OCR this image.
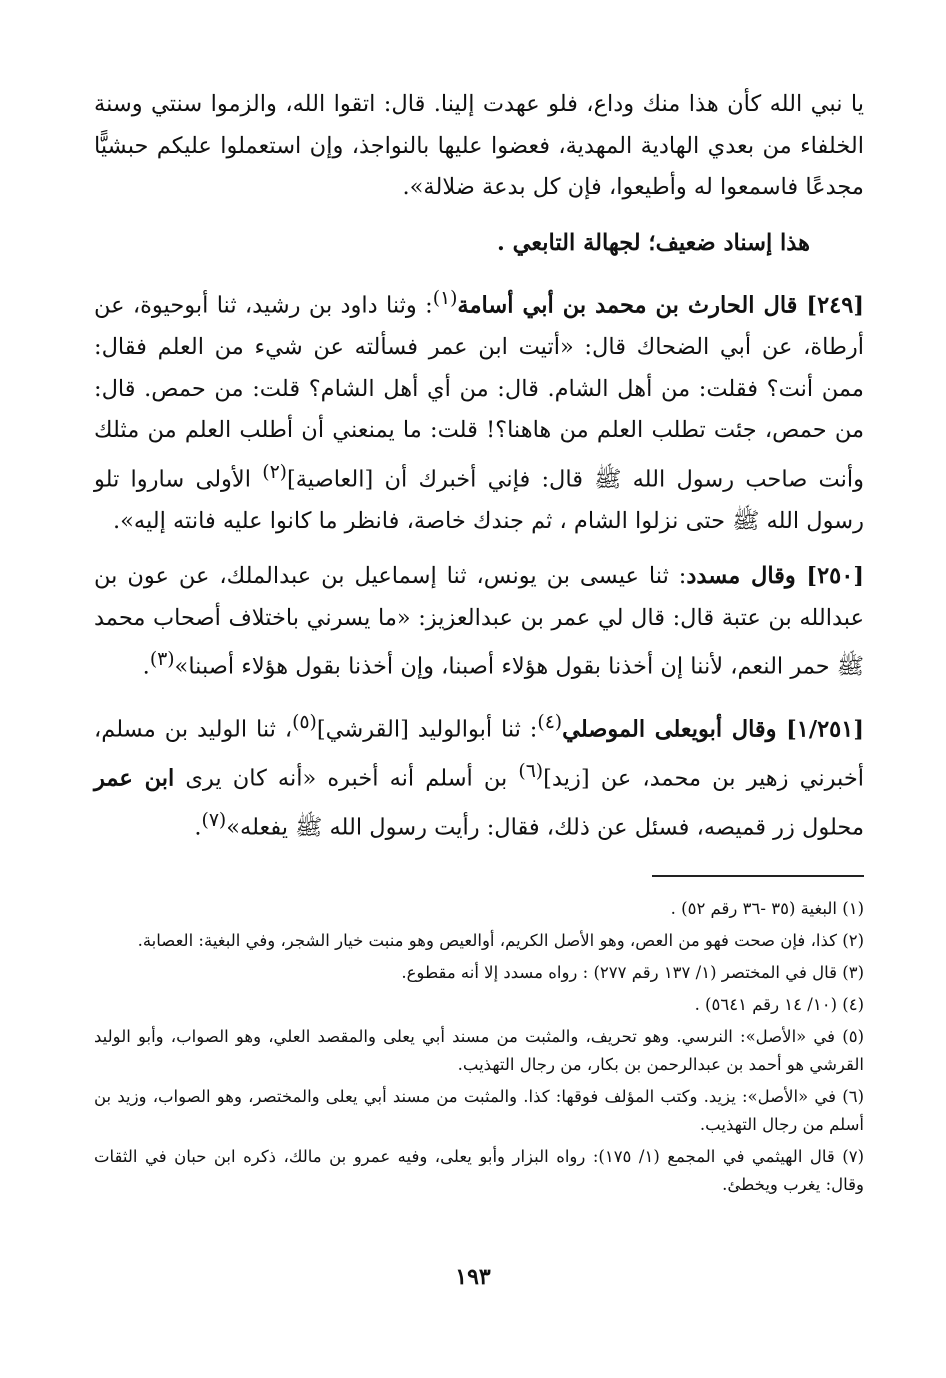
يا نبي الله كأن هذا منك وداع، فلو عهدت إلينا. قال: اتقوا الله، والزموا سنتي وسنة الخلفاء من بعدي الهادية المهدية، فعضوا عليها بالنواجذ، وإن استعملوا عليكم حبشيًّا مجدعًا فاسمعوا له وأطيعوا، فإن كل بدعة ضلالة».

هذا إسناد ضعيف؛ لجهالة التابعي .

[٢٤٩] قال الحارث بن محمد بن أبي أسامة$^{(١)}$: وثنا داود بن رشيد، ثنا أبوحيوة، عن أرطاة، عن أبي الضحاك قال: «أتيت ابن عمر فسألته عن شيء من العلم فقال: ممن أنت؟ فقلت: من أهل الشام. قال: من أي أهل الشام؟ قلت: من حمص. قال: من حمص، جئت تطلب العلم من هاهنا؟! قلت: ما يمنعني أن أطلب العلم من مثلك وأنت صاحب رسول الله ﷺ قال: فإني أخبرك أن [العاصية]$^{(٢)}$ الأولى ساروا تلو رسول الله ﷺ حتى نزلوا الشام ، ثم جندك خاصة، فانظر ما كانوا عليه فانته إليه».

[٢٥٠] وقال مسدد: ثنا عيسى بن يونس، ثنا إسماعيل بن عبدالملك، عن عون بن عبدالله بن عتبة قال: قال لي عمر بن عبدالعزيز: «ما يسرني باختلاف أصحاب محمد ﷺ حمر النعم، لأننا إن أخذنا بقول هؤلاء أصبنا، وإن أخذنا بقول هؤلاء أصبنا»$^{(٣)}$.

[١/٢٥١] وقال أبويعلى الموصلي$^{(٤)}$: ثنا أبوالوليد [القرشي]$^{(٥)}$، ثنا الوليد بن مسلم، أخبرني زهير بن محمد، عن [زيد]$^{(٦)}$ بن أسلم أنه أخبره «أنه كان يرى ابن عمر محلول زر قميصه، فسئل عن ذلك، فقال: رأيت رسول الله ﷺ يفعله»$^{(٧)}$.

(١) البغية (٣٥ -٣٦ رقم ٥٢) .

(٢) كذا، فإن صحت فهو من العص، وهو الأصل الكريم، أوالعيص وهو منبت خيار الشجر، وفي البغية: العصابة.

(٣) قال في المختصر (١/ ١٣٧ رقم ٢٧٧) : رواه مسدد إلا أنه مقطوع.

(٤) (١٠/ ١٤ رقم ٥٦٤١) .

(٥) في «الأصل»: النرسي. وهو تحريف، والمثبت من مسند أبي يعلى والمقصد العلي، وهو الصواب، وأبو الوليد القرشي هو أحمد بن عبدالرحمن بن بكار، من رجال التهذيب.

(٦) في «الأصل»: يزيد. وكتب المؤلف فوقها: كذا. والمثبت من مسند أبي يعلى والمختصر، وهو الصواب، وزيد بن أسلم من رجال التهذيب.

(٧) قال الهيثمي في المجمع (١/ ١٧٥): رواه البزار وأبو يعلى، وفيه عمرو بن مالك، ذكره ابن حبان في الثقات وقال: يغرب ويخطئ.

١٩٣
